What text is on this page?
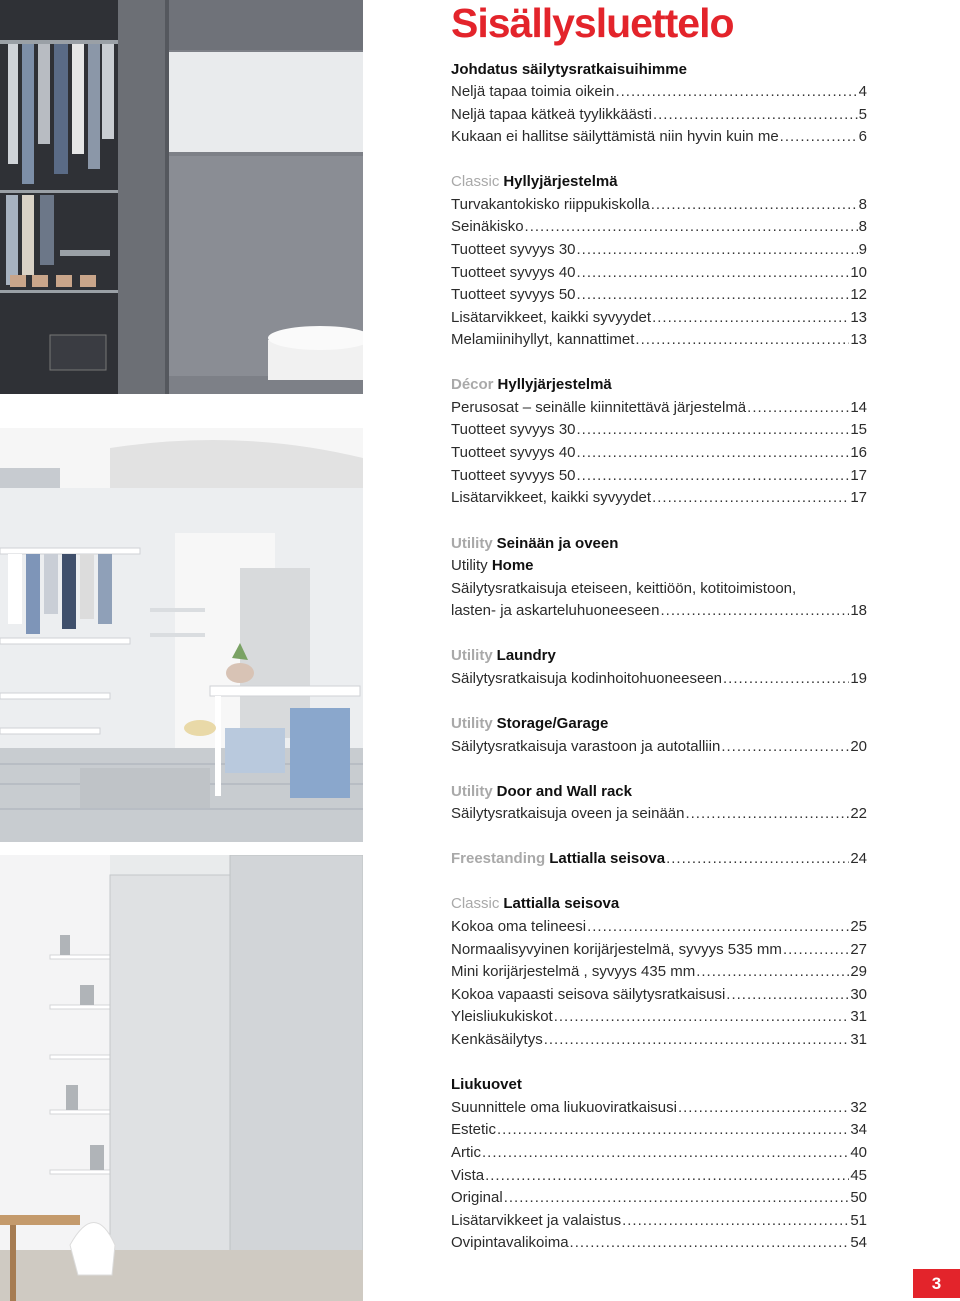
Sisällysluettelo
Johdatus säilytysratkaisuihimme
Neljä tapaa toimia oikein .....	4
Neljä tapaa kätkeä tyylikkäästi .....	5
Kukaan ei hallitse säilyttämistä niin hyvin kuin me .....	6
Classic Hyllyjärjestelmä
Turvakantokisko riippukiskolla .....	8
Seinäkisko .....	8
Tuotteet syvyys 30 .....	9
Tuotteet syvyys 40 .....	10
Tuotteet syvyys 50 .....	12
Lisätarvikkeet, kaikki syvyydet .....	13
Melamiinihyllyt, kannattimet .....	13
Décor Hyllyjärjestelmä
Perusosat – seinälle kiinnitettävä järjestelmä .....	14
Tuotteet syvyys 30 .....	15
Tuotteet syvyys 40 .....	16
Tuotteet syvyys 50 .....	17
Lisätarvikkeet, kaikki syvyydet .....	17
Utility Seinään ja oveen
Utility Home
Säilytysratkaisuja eteiseen, keittiöön, kotitoimistoon,
lasten- ja askarteluhuoneeseen .....	18
Utility Laundry
Säilytysratkaisuja kodinhoitohuoneeseen .....	19
Utility Storage/Garage
Säilytysratkaisuja varastoon ja autotalliin .....	20
Utility Door and Wall rack
Säilytysratkaisuja oveen ja seinään .....	22
Freestanding Lattialla seisova .....	24
Classic Lattialla seisova
Kokoa oma telineesi .....	25
Normaalisyvyinen korijärjestelmä, syvyys 535 mm .....	27
Mini korijärjestelmä , syvyys 435 mm .....	29
Kokoa vapaasti seisova säilytysratkaisusi .....	30
Yleisliukukiskot .....	31
Kenkäsäilytys .....	31
Liukuovet
Suunnittele oma liukuoviratkaisusi .....	32
Estetic .....	34
Artic .....	40
Vista .....	45
Original .....	50
Lisätarvikkeet ja valaistus .....	51
Ovipintavalikoima .....	54
3
